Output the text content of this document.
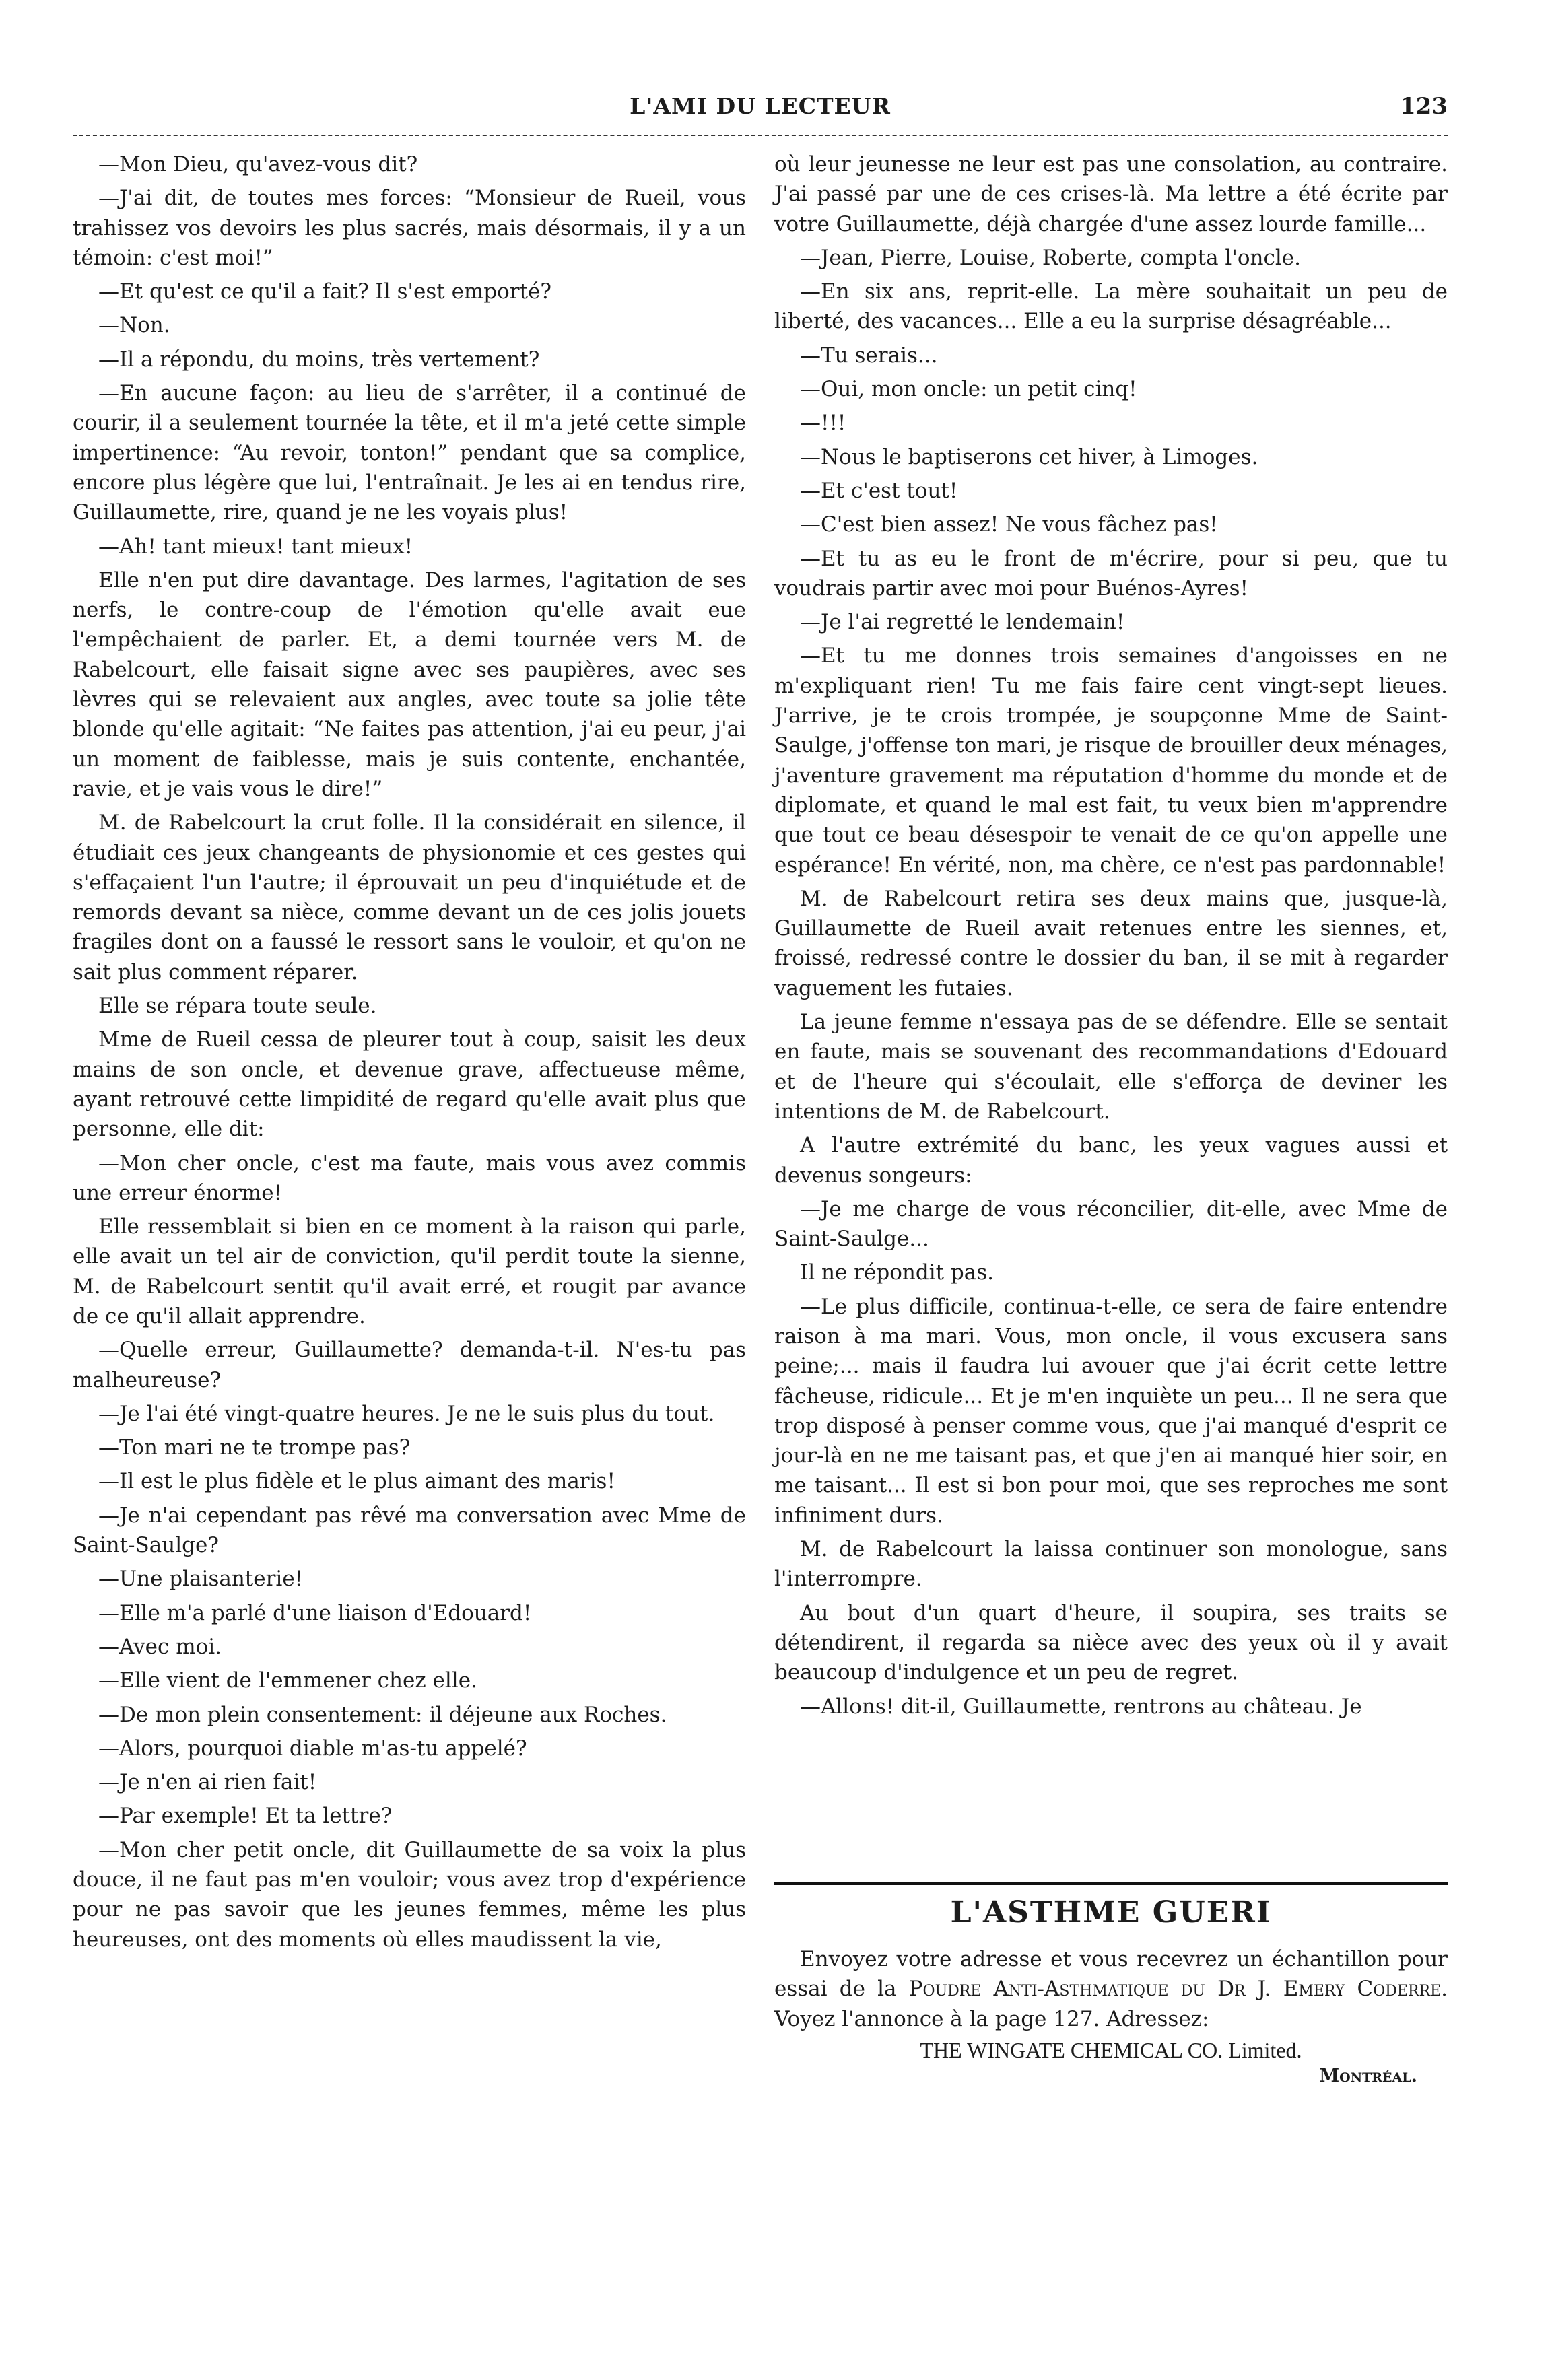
L'AMI DU LECTEUR	123

—Mon Dieu, qu'avez-vous dit?

—J'ai dit, de toutes mes forces: “Monsieur de Rueil, vous trahissez vos devoirs les plus sacrés, mais désormais, il y a un témoin: c'est moi!”

—Et qu'est ce qu'il a fait? Il s'est emporté?

—Non.

—Il a répondu, du moins, très vertement?

—En aucune façon: au lieu de s'arrêter, il a continué de courir, il a seulement tournée la tête, et il m'a jeté cette simple impertinence: “Au revoir, tonton!” pendant que sa complice, encore plus légère que lui, l'entraînait. Je les ai en tendus rire, Guillaumette, rire, quand je ne les voyais plus!

—Ah! tant mieux! tant mieux!

Elle n'en put dire davantage. Des larmes, l'agitation de ses nerfs, le contre-coup de l'émotion qu'elle avait eue l'empêchaient de parler. Et, a demi tournée vers M. de Rabelcourt, elle faisait signe avec ses paupières, avec ses lèvres qui se relevaient aux angles, avec toute sa jolie tête blonde qu'elle agitait: “Ne faites pas attention, j'ai eu peur, j'ai un moment de faiblesse, mais je suis contente, enchantée, ravie, et je vais vous le dire!”

M. de Rabelcourt la crut folle. Il la considérait en silence, il étudiait ces jeux changeants de physionomie et ces gestes qui s'effaçaient l'un l'autre; il éprouvait un peu d'inquiétude et de remords devant sa nièce, comme devant un de ces jolis jouets fragiles dont on a faussé le ressort sans le vouloir, et qu'on ne sait plus comment réparer.

Elle se répara toute seule.

Mme de Rueil cessa de pleurer tout à coup, saisit les deux mains de son oncle, et devenue grave, affectueuse même, ayant retrouvé cette limpidité de regard qu'elle avait plus que personne, elle dit:

—Mon cher oncle, c'est ma faute, mais vous avez commis une erreur énorme!

Elle ressemblait si bien en ce moment à la raison qui parle, elle avait un tel air de conviction, qu'il perdit toute la sienne, M. de Rabelcourt sentit qu'il avait erré, et rougit par avance de ce qu'il allait apprendre.

—Quelle erreur, Guillaumette? demanda-t-il. N'es-tu pas malheureuse?

—Je l'ai été vingt-quatre heures. Je ne le suis plus du tout.

—Ton mari ne te trompe pas?

—Il est le plus fidèle et le plus aimant des maris!

—Je n'ai cependant pas rêvé ma conversation avec Mme de Saint-Saulge?

—Une plaisanterie!

—Elle m'a parlé d'une liaison d'Edouard!

—Avec moi.

—Elle vient de l'emmener chez elle.

—De mon plein consentement: il déjeune aux Roches.

—Alors, pourquoi diable m'as-tu appelé?

—Je n'en ai rien fait!

—Par exemple! Et ta lettre?

—Mon cher petit oncle, dit Guillaumette de sa voix la plus douce, il ne faut pas m'en vouloir; vous avez trop d'expérience pour ne pas savoir que les jeunes femmes, même les plus heureuses, ont des moments où elles maudissent la vie,

où leur jeunesse ne leur est pas une consolation, au contraire. J'ai passé par une de ces crises-là. Ma lettre a été écrite par votre Guillaumette, déjà chargée d'une assez lourde famille...

—Jean, Pierre, Louise, Roberte, compta l'oncle.

—En six ans, reprit-elle. La mère souhaitait un peu de liberté, des vacances... Elle a eu la surprise désagréable...

—Tu serais...

—Oui, mon oncle: un petit cinq!

—!!!

—Nous le baptiserons cet hiver, à Limoges.

—Et c'est tout!

—C'est bien assez! Ne vous fâchez pas!

—Et tu as eu le front de m'écrire, pour si peu, que tu voudrais partir avec moi pour Buénos-Ayres!

—Je l'ai regretté le lendemain!

—Et tu me donnes trois semaines d'angoisses en ne m'expliquant rien! Tu me fais faire cent vingt-sept lieues. J'arrive, je te crois trompée, je soupçonne Mme de Saint-Saulge, j'offense ton mari, je risque de brouiller deux ménages, j'aventure gravement ma réputation d'homme du monde et de diplomate, et quand le mal est fait, tu veux bien m'apprendre que tout ce beau désespoir te venait de ce qu'on appelle une espérance! En vérité, non, ma chère, ce n'est pas pardonnable!

M. de Rabelcourt retira ses deux mains que, jusque-là, Guillaumette de Rueil avait retenues entre les siennes, et, froissé, redressé contre le dossier du ban, il se mit à regarder vaguement les futaies.

La jeune femme n'essaya pas de se défendre. Elle se sentait en faute, mais se souvenant des recommandations d'Edouard et de l'heure qui s'écoulait, elle s'efforça de deviner les intentions de M. de Rabelcourt.

A l'autre extrémité du banc, les yeux vagues aussi et devenus songeurs:

—Je me charge de vous réconcilier, dit-elle, avec Mme de Saint-Saulge...

Il ne répondit pas.

—Le plus difficile, continua-t-elle, ce sera de faire entendre raison à ma mari. Vous, mon oncle, il vous excusera sans peine;... mais il faudra lui avouer que j'ai écrit cette lettre fâcheuse, ridicule... Et je m'en inquiète un peu... Il ne sera que trop disposé à penser comme vous, que j'ai manqué d'esprit ce jour-là en ne me taisant pas, et que j'en ai manqué hier soir, en me taisant... Il est si bon pour moi, que ses reproches me sont infiniment durs.

M. de Rabelcourt la laissa continuer son monologue, sans l'interrompre.

Au bout d'un quart d'heure, il soupira, ses traits se détendirent, il regarda sa nièce avec des yeux où il y avait beaucoup d'indulgence et un peu de regret.

—Allons! dit-il, Guillaumette, rentrons au château. Je

L'ASTHME GUERI

Envoyez votre adresse et vous recevrez un échantillon pour essai de la Poudre Anti-Asthmatique du Dr J. Emery Coderre. Voyez l'annonce à la page 127. Adressez:

THE WINGATE CHEMICAL CO. Limited.
Montréal.
